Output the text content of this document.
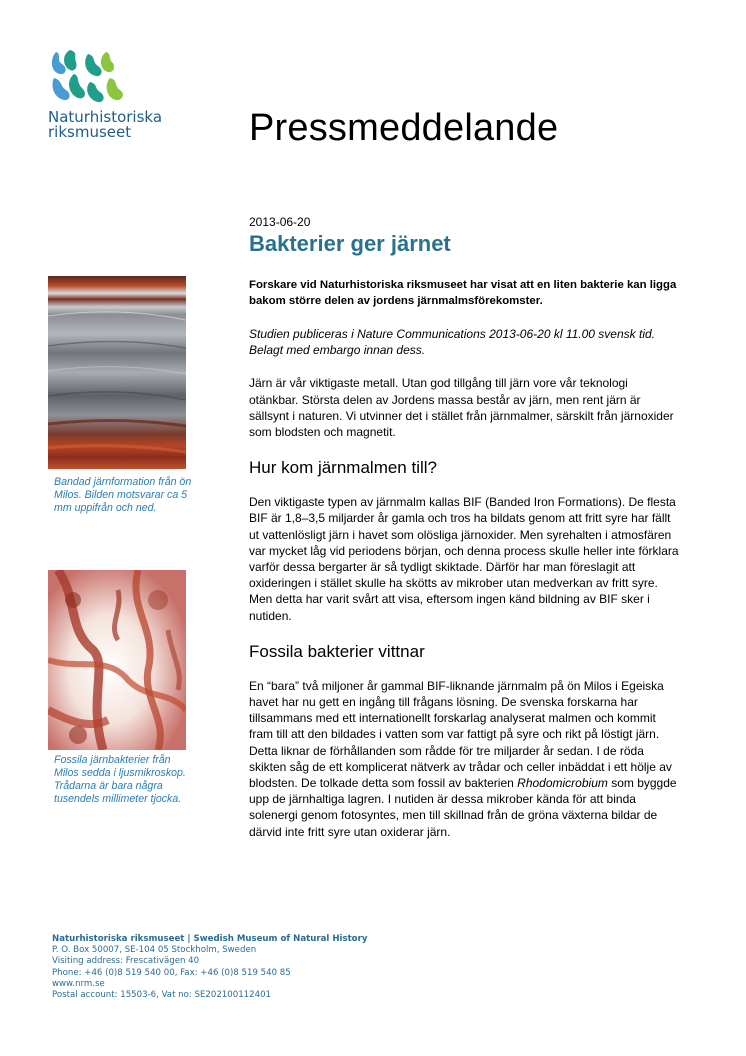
Naturhistoriska
riksmuseet	Pressmeddelande
2013-06-20
Bakterier ger järnet
Bandad järnformation från ön Milos. Bilden motsvarar ca 5 mm uppifrån och ned.
Fossila järnbakterier från Milos sedda i ljusmikroskop. Trådarna är bara några tusendels millimeter tjocka.

Forskare vid Naturhistoriska riksmuseet har visat att en liten bakterie kan ligga bakom större delen av jordens järnmalmsförekomster.

Studien publiceras i Nature Communications 2013-06-20 kl 11.00 svensk tid. Belagt med embargo innan dess.

Järn är vår viktigaste metall. Utan god tillgång till järn vore vår teknologi otänkbar. Största delen av Jordens massa består av järn, men rent järn är sällsynt i naturen. Vi utvinner det i stället från järnmalmer, särskilt från järnoxider som blodsten och magnetit.

Hur kom järnmalmen till?

Den viktigaste typen av järnmalm kallas BIF (Banded Iron Formations). De flesta BIF är 1,8–3,5 miljarder år gamla och tros ha bildats genom att fritt syre har fällt ut vattenlösligt järn i havet som olösliga järnoxider. Men syrehalten i atmosfären var mycket låg vid periodens början, och denna process skulle heller inte förklara varför dessa bergarter är så tydligt skiktade. Därför har man föreslagit att oxideringen i stället skulle ha skötts av mikrober utan medverkan av fritt syre. Men detta har varit svårt att visa, eftersom ingen känd bildning av BIF sker i nutiden.

Fossila bakterier vittnar

En “bara” två miljoner år gammal BIF-liknande järnmalm på ön Milos i Egeiska havet har nu gett en ingång till frågans lösning. De svenska forskarna har tillsammans med ett internationellt forskarlag analyserat malmen och kommit fram till att den bildades i vatten som var fattigt på syre och rikt på löstigt järn. Detta liknar de förhållanden som rådde för tre miljarder år sedan. I de röda skikten såg de ett komplicerat nätverk av trådar och celler inbäddat i ett hölje av blodsten. De tolkade detta som fossil av bakterien Rhodomicrobium som byggde upp de järnhaltiga lagren. I nutiden är dessa mikrober kända för att binda solenergi genom fotosyntes, men till skillnad från de gröna växterna bildar de därvid inte fritt syre utan oxiderar järn.

Naturhistoriska riksmuseet | Swedish Museum of Natural History
P. O. Box 50007, SE-104 05 Stockholm, Sweden
Visiting address: Frescativägen 40
Phone: +46 (0)8 519 540 00, Fax: +46 (0)8 519 540 85
www.nrm.se
Postal account: 15503-6, Vat no: SE202100112401
